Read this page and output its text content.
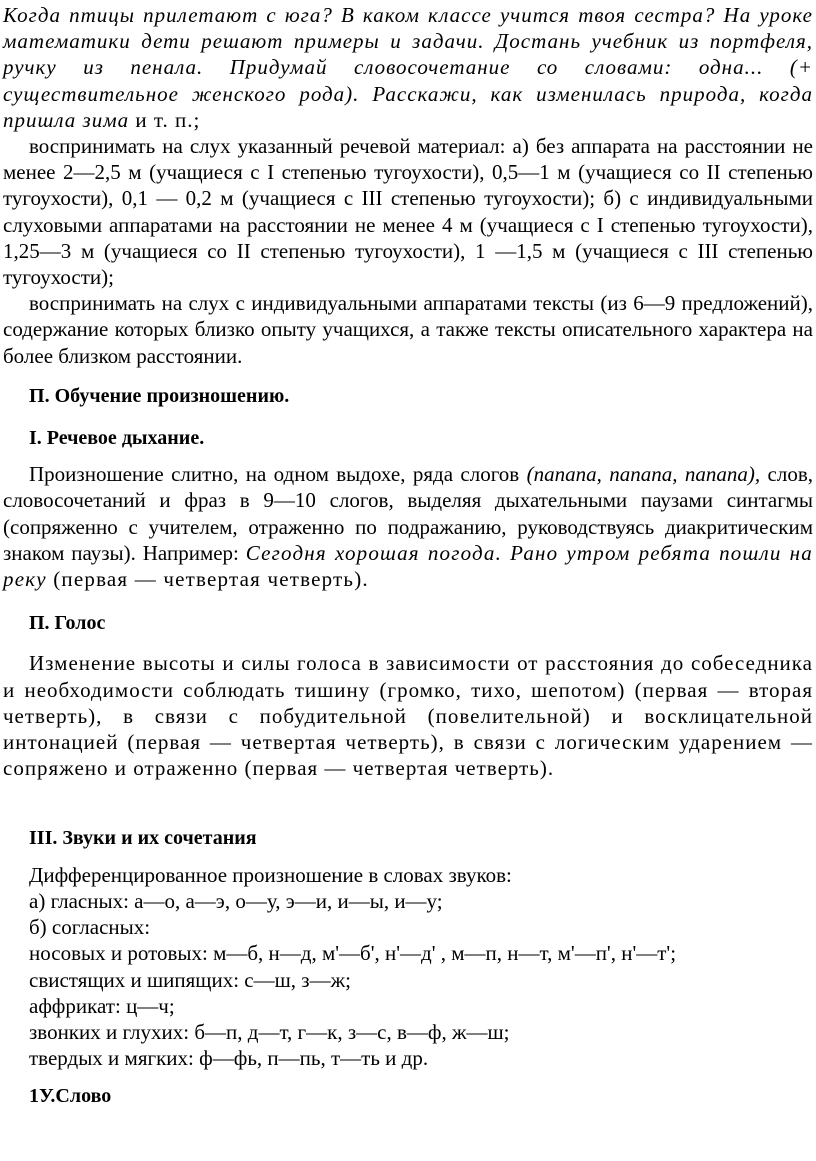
Когда птицы прилетают с юга? В каком классе учится твоя сестра? На уроке математики дети решают примеры и задачи. Достань учебник из портфеля, ручку из пенала. Придумай словосочетание со словами: одна... (+ существительное женского рода). Расскажи, как изменилась природа, когда пришла зима и т. п.;

воспринимать на слух указанный речевой материал: а) без аппарата на расстоянии не менее 2—2,5 м (учащиеся с I степенью тугоухости), 0,5—1 м (учащиеся со II степенью тугоухости), 0,1 — 0,2 м (учащиеся с III степенью тугоухости); б) с индивидуальными слуховыми аппаратами на расстоянии не менее 4 м (учащиеся с I степенью тугоухости), 1,25—3 м (учащиеся со II степенью тугоухости), 1 —1,5 м (учащиеся с III степенью тугоухости);

воспринимать на слух с индивидуальными аппаратами тексты (из 6—9 предложений), содержание которых близко опыту учащихся, а также тексты описательного характера на более близком расстоянии.

П. Обучение произношению.

I. Речевое дыхание.

Произношение слитно, на одном выдохе, ряда слогов (папапа, папапа, папапа), слов, словосочетаний и фраз в 9—10 слогов, выделяя дыхательными паузами синтагмы (сопряженно с учителем, отраженно по подражанию, руководствуясь диакритическим знаком паузы). Например: Сегодня хорошая погода. Рано утром ребята пошли на реку (первая — четвертая четверть).

П. Голос

Изменение высоты и силы голоса в зависимости от расстояния до собеседника и необходимости соблюдать тишину (громко, тихо, шепотом) (первая — вторая четверть), в связи с побудительной (повелительной) и восклицательной интонацией (первая — четвертая четверть), в связи с логическим ударением — сопряжено и отраженно (первая — четвертая четверть).

III. Звуки и их сочетания

Дифференцированное произношение в словах звуков:

а) гласных: а—о, а—э, о—у, э—и, и—ы, и—у;

б) согласных:

носовых и ротовых: м—б, н—д, м'—б', н'—д' , м—п, н—т, м'—п', н'—т';

свистящих и шипящих: с—ш, з—ж;

аффрикат: ц—ч;

звонких и глухих: б—п, д—т, г—к, з—с, в—ф, ж—ш;

твердых и мягких: ф—фь, п—пь, т—ть и др.

1У.Слово
